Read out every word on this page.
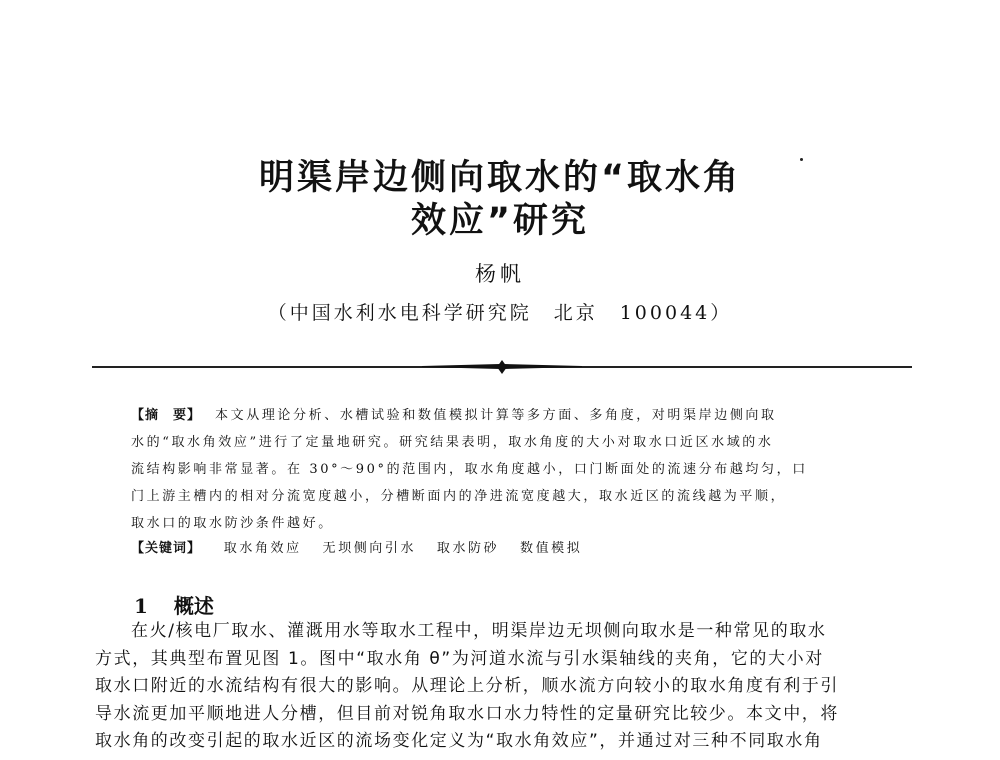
明渠岸边侧向取水的“取水角
效应”研究
杨帆
（中国水利水电科学研究院　北京　100044）
【摘　要】 本文从理论分析、水槽试验和数值模拟计算等多方面、多角度，对明渠岸边侧向取
水的“取水角效应”进行了定量地研究。研究结果表明，取水角度的大小对取水口近区水域的水
流结构影响非常显著。在 30°～90°的范围内，取水角度越小，口门断面处的流速分布越均匀，口
门上游主槽内的相对分流宽度越小，分槽断面内的净进流宽度越大，取水近区的流线越为平顺，
取水口的取水防沙条件越好。
【关键词】 取水角效应 无坝侧向引水 取水防砂 数值模拟
1 概述
在火/核电厂取水、灌溉用水等取水工程中，明渠岸边无坝侧向取水是一种常见的取水
方式，其典型布置见图 1。图中“取水角 θ”为河道水流与引水渠轴线的夹角，它的大小对
取水口附近的水流结构有很大的影响。从理论上分析，顺水流方向较小的取水角度有利于引
导水流更加平顺地进人分槽，但目前对锐角取水口水力特性的定量研究比较少。本文中，将
取水角的改变引起的取水近区的流场变化定义为“取水角效应”，并通过对三种不同取水角
